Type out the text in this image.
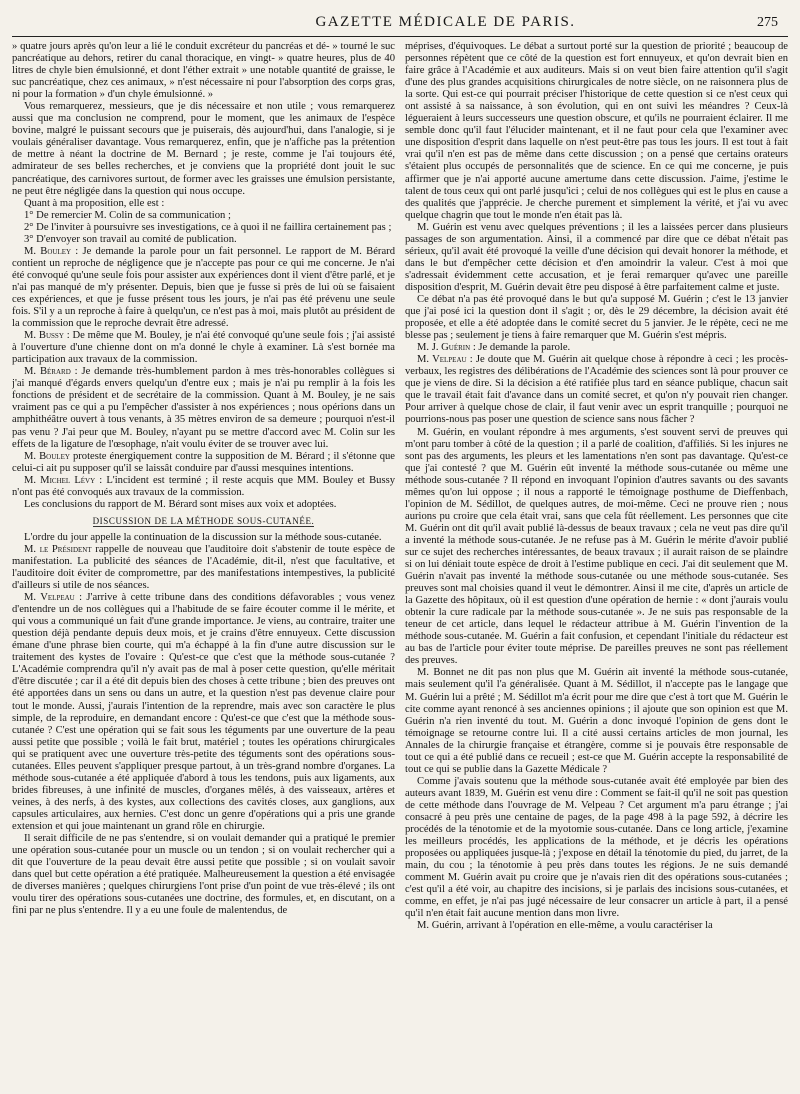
GAZETTE MÉDICALE DE PARIS.	275

» quatre jours après qu'on leur a lié le conduit excréteur du pancréas et dé- » tourné le suc pancréatique au dehors, retirer du canal thoracique, en vingt- » quatre heures, plus de 40 litres de chyle bien émulsionné, et dont l'éther extrait » une notable quantité de graisse, le suc pancréatique, chez ces animaux, » n'est nécessaire ni pour l'absorption des corps gras, ni pour la formation » d'un chyle émulsionné. »

Vous remarquerez, messieurs, que je dis nécessaire et non utile ; vous remarquerez aussi que ma conclusion ne comprend, pour le moment, que les animaux de l'espèce bovine, malgré le puissant secours que je puiserais, dès aujourd'hui, dans l'analogie, si je voulais généraliser davantage. Vous remarquerez, enfin, que je n'affiche pas la prétention de mettre à néant la doctrine de M. Bernard ; je reste, comme je l'ai toujours été, admirateur de ses belles recherches, et je conviens que la propriété dont jouit le suc pancréatique, des carnivores surtout, de former avec les graisses une émulsion persistante, ne peut être négligée dans la question qui nous occupe.

Quant à ma proposition, elle est :

1° De remercier M. Colin de sa communication ;

2° De l'inviter à poursuivre ses investigations, ce à quoi il ne faillira certainement pas ;

3° D'envoyer son travail au comité de publication.

M. Bouley : Je demande la parole pour un fait personnel. Le rapport de M. Bérard contient un reproche de négligence que je n'accepte pas pour ce qui me concerne. Je n'ai été convoqué qu'une seule fois pour assister aux expériences dont il vient d'être parlé, et je n'ai pas manqué de m'y présenter. Depuis, bien que je fusse si près de lui où se faisaient ces expériences, et que je fusse présent tous les jours, je n'ai pas été prévenu une seule fois. S'il y a un reproche à faire à quelqu'un, ce n'est pas à moi, mais plutôt au président de la commission que le reproche devrait être adressé.

M. Bussy : De même que M. Bouley, je n'ai été convoqué qu'une seule fois ; j'ai assisté à l'ouverture d'une chienne dont on m'a donné le chyle à examiner. Là s'est bornée ma participation aux travaux de la commission.

M. Bérard : Je demande très-humblement pardon à mes très-honorables collègues si j'ai manqué d'égards envers quelqu'un d'entre eux ; mais je n'ai pu remplir à la fois les fonctions de président et de secrétaire de la commission. Quant à M. Bouley, je ne sais vraiment pas ce qui a pu l'empêcher d'assister à nos expériences ; nous opérions dans un amphithéâtre ouvert à tous venants, à 35 mètres environ de sa demeure ; pourquoi n'est-il pas venu ? J'ai peur que M. Bouley, n'ayant pu se mettre d'accord avec M. Colin sur les effets de la ligature de l'œsophage, n'ait voulu éviter de se trouver avec lui.

M. Bouley proteste énergiquement contre la supposition de M. Bérard ; il s'étonne que celui-ci ait pu supposer qu'il se laissât conduire par d'aussi mesquines intentions.

M. Michel Lévy : L'incident est terminé ; il reste acquis que MM. Bouley et Bussy n'ont pas été convoqués aux travaux de la commission.

Les conclusions du rapport de M. Bérard sont mises aux voix et adoptées.

DISCUSSION DE LA MÉTHODE SOUS-CUTANÉE.

L'ordre du jour appelle la continuation de la discussion sur la méthode sous-cutanée.

M. le Président rappelle de nouveau que l'auditoire doit s'abstenir de toute espèce de manifestation. La publicité des séances de l'Académie, dit-il, n'est que facultative, et l'auditoire doit éviter de compromettre, par des manifestations intempestives, la publicité d'ailleurs si utile de nos séances.

M. Velpeau : J'arrive à cette tribune dans des conditions défavorables ; vous venez d'entendre un de nos collègues qui a l'habitude de se faire écouter comme il le mérite, et qui vous a communiqué un fait d'une grande importance. Je viens, au contraire, traiter une question déjà pendante depuis deux mois, et je crains d'être ennuyeux. Cette discussion émane d'une phrase bien courte, qui m'a échappé à la fin d'une autre discussion sur le traitement des kystes de l'ovaire : Qu'est-ce que c'est que la méthode sous-cutanée ? L'Académie comprendra qu'il n'y avait pas de mal à poser cette question, qu'elle méritait d'être discutée ; car il a été dit depuis bien des choses à cette tribune ; bien des preuves ont été apportées dans un sens ou dans un autre, et la question n'est pas devenue claire pour tout le monde. Aussi, j'aurais l'intention de la reprendre, mais avec son caractère le plus simple, de la reproduire, en demandant encore : Qu'est-ce que c'est que la méthode sous-cutanée ? C'est une opération qui se fait sous les téguments par une ouverture de la peau aussi petite que possible ; voilà le fait brut, matériel ; toutes les opérations chirurgicales qui se pratiquent avec une ouverture très-petite des téguments sont des opérations sous-cutanées. Elles peuvent s'appliquer presque partout, à un très-grand nombre d'organes. La méthode sous-cutanée a été appliquée d'abord à tous les tendons, puis aux ligaments, aux brides fibreuses, à une infinité de muscles, d'organes mêlés, à des vaisseaux, artères et veines, à des nerfs, à des kystes, aux collections des cavités closes, aux ganglions, aux capsules articulaires, aux hernies. C'est donc un genre d'opérations qui a pris une grande extension et qui joue maintenant un grand rôle en chirurgie.

Il serait difficile de ne pas s'entendre, si on voulait demander qui a pratiqué le premier une opération sous-cutanée pour un muscle ou un tendon ; si on voulait rechercher qui a dit que l'ouverture de la peau devait être aussi petite que possible ; si on voulait savoir dans quel but cette opération a été pratiquée. Malheureusement la question a été envisagée de diverses manières ; quelques chirurgiens l'ont prise d'un point de vue très-élevé ; ils ont voulu tirer des opérations sous-cutanées une doctrine, des formules, et, en discutant, on a fini par ne plus s'entendre. Il y a eu une foule de malentendus, de

méprises, d'équivoques. Le débat a surtout porté sur la question de priorité ; beaucoup de personnes répètent que ce côté de la question est fort ennuyeux, et qu'on devrait bien en faire grâce à l'Académie et aux auditeurs. Mais si on veut bien faire attention qu'il s'agit d'une des plus grandes acquisitions chirurgicales de notre siècle, on ne raisonnera plus de la sorte. Qui est-ce qui pourrait préciser l'historique de cette question si ce n'est ceux qui ont assisté à sa naissance, à son évolution, qui en ont suivi les méandres ? Ceux-là légueraient à leurs successeurs une question obscure, et qu'ils ne pourraient éclairer. Il me semble donc qu'il faut l'élucider maintenant, et il ne faut pour cela que l'examiner avec une disposition d'esprit dans laquelle on n'est peut-être pas tous les jours. Il est tout à fait vrai qu'il n'en est pas de même dans cette discussion ; on a pensé que certains orateurs s'étaient plus occupés de personnalités que de science. En ce qui me concerne, je puis affirmer que je n'ai apporté aucune amertume dans cette discussion. J'aime, j'estime le talent de tous ceux qui ont parlé jusqu'ici ; celui de nos collègues qui est le plus en cause a des qualités que j'apprécie. Je cherche purement et simplement la vérité, et j'ai vu avec quelque chagrin que tout le monde n'en était pas là.

M. Guérin est venu avec quelques préventions ; il les a laissées percer dans plusieurs passages de son argumentation. Ainsi, il a commencé par dire que ce débat n'était pas sérieux, qu'il avait été provoqué la veille d'une décision qui devait honorer la méthode, et dans le but d'empêcher cette décision et d'en amoindrir la valeur. C'est à moi que s'adressait évidemment cette accusation, et je ferai remarquer qu'avec une pareille disposition d'esprit, M. Guérin devait être peu disposé à être parfaitement calme et juste.

Ce débat n'a pas été provoqué dans le but qu'a supposé M. Guérin ; c'est le 13 janvier que j'ai posé ici la question dont il s'agit ; or, dès le 29 décembre, la décision avait été proposée, et elle a été adoptée dans le comité secret du 5 janvier. Je le répète, ceci ne me blesse pas ; seulement je tiens à faire remarquer que M. Guérin s'est mépris.

M. J. Guérin : Je demande la parole.

M. Velpeau : Je doute que M. Guérin ait quelque chose à répondre à ceci ; les procès-verbaux, les registres des délibérations de l'Académie des sciences sont là pour prouver ce que je viens de dire. Si la décision a été ratifiée plus tard en séance publique, chacun sait que le travail était fait d'avance dans un comité secret, et qu'on n'y pouvait rien changer. Pour arriver à quelque chose de clair, il faut venir avec un esprit tranquille ; pourquoi ne pourrions-nous pas poser une question de science sans nous fâcher ?

M. Guérin, en voulant répondre à mes arguments, s'est souvent servi de preuves qui m'ont paru tomber à côté de la question ; il a parlé de coalition, d'affiliés. Si les injures ne sont pas des arguments, les pleurs et les lamentations n'en sont pas davantage. Qu'est-ce que j'ai contesté ? que M. Guérin eût inventé la méthode sous-cutanée ou même une méthode sous-cutanée ? Il répond en invoquant l'opinion d'autres savants ou des savants mêmes qu'on lui oppose ; il nous a rapporté le témoignage posthume de Dieffenbach, l'opinion de M. Sédillot, de quelques autres, de moi-même. Ceci ne prouve rien ; nous aurions pu croire que cela était vrai, sans que cela fût réellement. Les personnes que cite M. Guérin ont dit qu'il avait publié là-dessus de beaux travaux ; cela ne veut pas dire qu'il a inventé la méthode sous-cutanée. Je ne refuse pas à M. Guérin le mérite d'avoir publié sur ce sujet des recherches intéressantes, de beaux travaux ; il aurait raison de se plaindre si on lui déniait toute espèce de droit à l'estime publique en ceci. J'ai dit seulement que M. Guérin n'avait pas inventé la méthode sous-cutanée ou une méthode sous-cutanée. Ses preuves sont mal choisies quand il veut le démontrer. Ainsi il me cite, d'après un article de la Gazette des hôpitaux, où il est question d'une opération de hernie : « dont j'aurais voulu obtenir la cure radicale par la méthode sous-cutanée ». Je ne suis pas responsable de la teneur de cet article, dans lequel le rédacteur attribue à M. Guérin l'invention de la méthode sous-cutanée. M. Guérin a fait confusion, et cependant l'initiale du rédacteur est au bas de l'article pour éviter toute méprise. De pareilles preuves ne sont pas réellement des preuves.

M. Bonnet ne dit pas non plus que M. Guérin ait inventé la méthode sous-cutanée, mais seulement qu'il l'a généralisée. Quant à M. Sédillot, il n'accepte pas le langage que M. Guérin lui a prêté ; M. Sédillot m'a écrit pour me dire que c'est à tort que M. Guérin le cite comme ayant renoncé à ses anciennes opinions ; il ajoute que son opinion est que M. Guérin n'a rien inventé du tout. M. Guérin a donc invoqué l'opinion de gens dont le témoignage se retourne contre lui. Il a cité aussi certains articles de mon journal, les Annales de la chirurgie française et étrangère, comme si je pouvais être responsable de tout ce qui a été publié dans ce recueil ; est-ce que M. Guérin accepte la responsabilité de tout ce qui se publie dans la Gazette Médicale ?

Comme j'avais soutenu que la méthode sous-cutanée avait été employée par bien des auteurs avant 1839, M. Guérin est venu dire : Comment se fait-il qu'il ne soit pas question de cette méthode dans l'ouvrage de M. Velpeau ? Cet argument m'a paru étrange ; j'ai consacré à peu près une centaine de pages, de la page 498 à la page 592, à décrire les procédés de la ténotomie et de la myotomie sous-cutanée. Dans ce long article, j'examine les meilleurs procédés, les applications de la méthode, et je décris les opérations proposées ou appliquées jusque-là ; j'expose en détail la ténotomie du pied, du jarret, de la main, du cou ; la ténotomie à peu près dans toutes les régions. Je ne suis demandé comment M. Guérin avait pu croire que je n'avais rien dit des opérations sous-cutanées ; c'est qu'il a été voir, au chapitre des incisions, si je parlais des incisions sous-cutanées, et comme, en effet, je n'ai pas jugé nécessaire de leur consacrer un article à part, il a pensé qu'il n'en était fait aucune mention dans mon livre.

M. Guérin, arrivant à l'opération en elle-même, a voulu caractériser la
